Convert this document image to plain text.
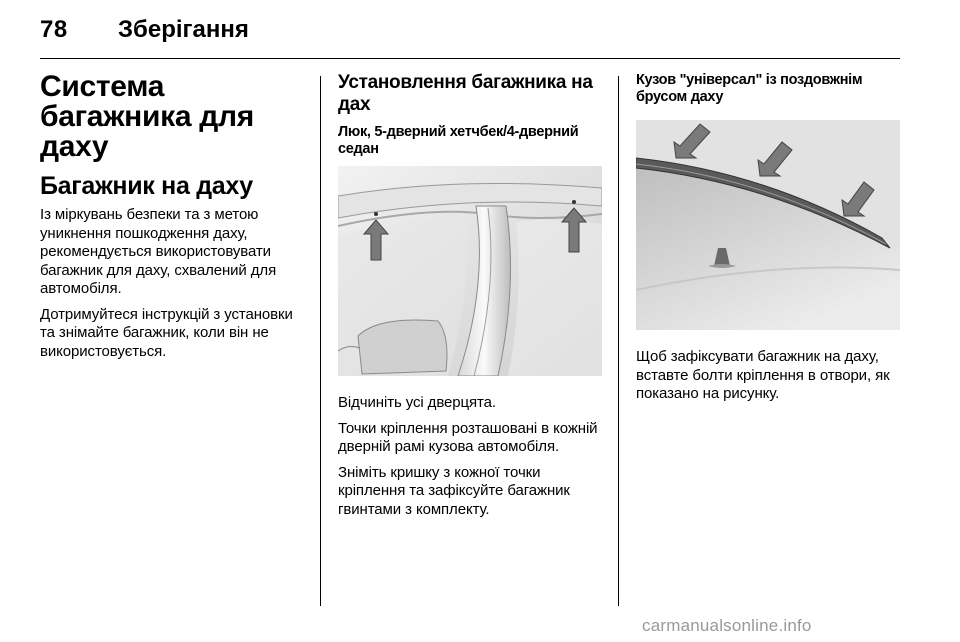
78 Зберігання
Система багажника для даху
Багажник на даху

Із міркувань безпеки та з метою уникнення пошкодження даху, рекомендується використовувати багажник для даху, схвалений для автомобіля.

Дотримуйтеся інструкцій з установки та знімайте багажник, коли він не використовується.

Установлення багажника на дах
Люк, 5-дверний хетчбек/4-дверний седан

Відчиніть усі дверцята.

Точки кріплення розташовані в кожній дверній рамі кузова автомобіля.

Зніміть кришку з кожної точки кріплення та зафіксуйте багажник гвинтами з комплекту.

Кузов "універсал" із поздовжнім брусом даху

Щоб зафіксувати багажник на даху, вставте болти кріплення в отвори, як показано на рисунку.

carmanualsonline.info
